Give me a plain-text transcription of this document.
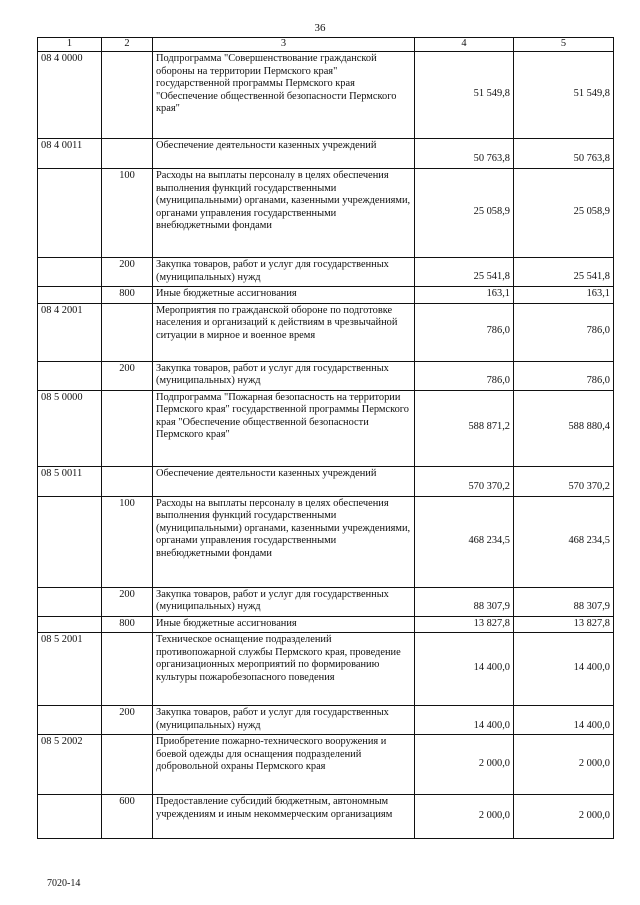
36
1	2	3	4	5
08 4 0000		Подпрограмма "Совершенствование гражданской обороны на территории Пермского края" государственной программы Пермского края "Обеспечение общественной безопасности Пермского края"	51 549,8	51 549,8
08 4 0011		Обеспечение деятельности казенных учреждений	50 763,8	50 763,8
	100	Расходы на выплаты персоналу в целях обеспечения выполнения функций государственными (муниципальными) органами, казенными учреждениями, органами управления государственными внебюджетными фондами	25 058,9	25 058,9
	200	Закупка товаров, работ и услуг для государственных (муниципальных) нужд	25 541,8	25 541,8
	800	Иные бюджетные ассигнования	163,1	163,1
08 4 2001		Мероприятия по гражданской обороне по подготовке населения и организаций к действиям в чрезвычайной ситуации в мирное и военное время	786,0	786,0
	200	Закупка товаров, работ и услуг для государственных (муниципальных) нужд	786,0	786,0
08 5 0000		Подпрограмма "Пожарная безопасность на территории Пермского края" государственной программы Пермского края "Обеспечение общественной безопасности Пермского края"	588 871,2	588 880,4
08 5 0011		Обеспечение деятельности казенных учреждений	570 370,2	570 370,2
	100	Расходы на выплаты персоналу в целях обеспечения выполнения функций государственными (муниципальными) органами, казенными учреждениями, органами управления государственными внебюджетными фондами	468 234,5	468 234,5
	200	Закупка товаров, работ и услуг для государственных (муниципальных) нужд	88 307,9	88 307,9
	800	Иные бюджетные ассигнования	13 827,8	13 827,8
08 5 2001		Техническое оснащение подразделений противопожарной службы Пермского края, проведение организационных мероприятий по формированию культуры пожаробезопасного поведения	14 400,0	14 400,0
	200	Закупка товаров, работ и услуг для государственных (муниципальных) нужд	14 400,0	14 400,0
08 5 2002		Приобретение пожарно-технического вооружения и боевой одежды для оснащения подразделений добровольной охраны Пермского края	2 000,0	2 000,0
	600	Предоставление субсидий бюджетным, автономным учреждениям и иным некоммерческим организациям	2 000,0	2 000,0
7020-14
